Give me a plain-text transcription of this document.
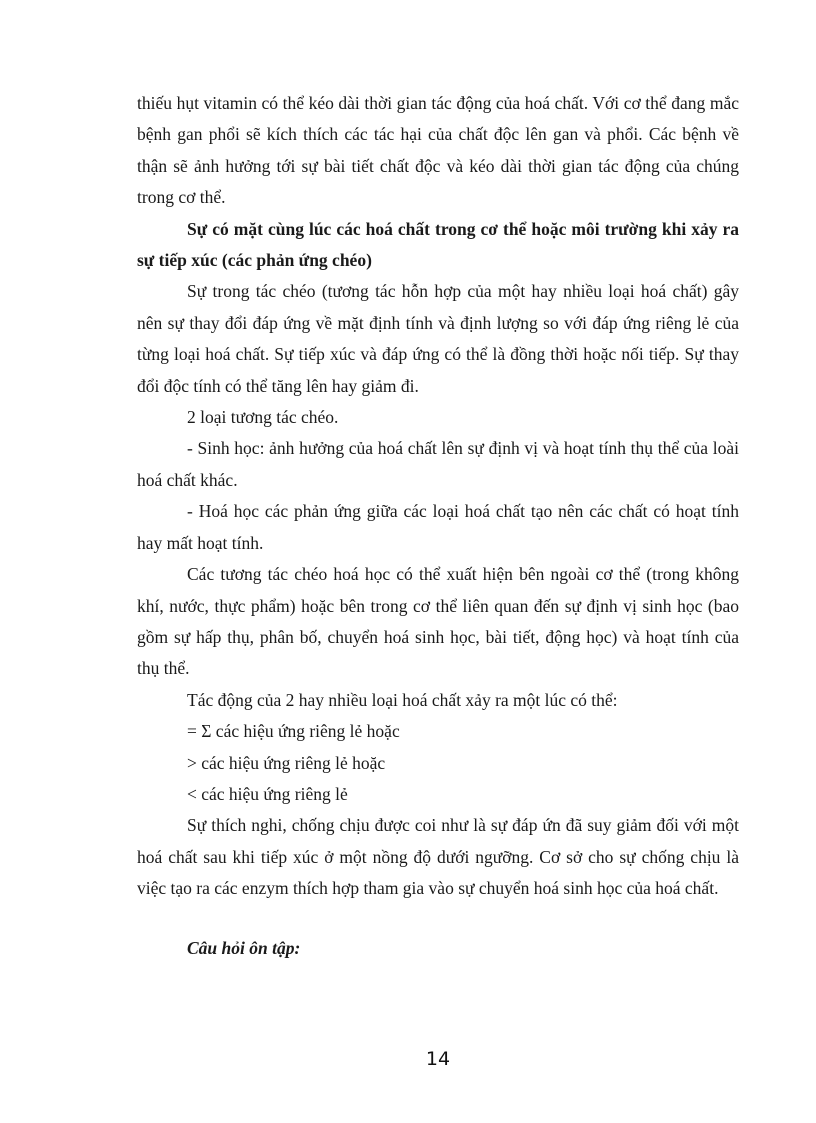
thiếu hụt vitamin có thể kéo dài thời gian tác động của hoá chất. Với cơ thể đang mắc bệnh gan phổi sẽ kích thích các tác hại của chất độc lên gan và phổi. Các bệnh về thận sẽ ảnh hưởng tới sự bài tiết chất độc và kéo dài thời gian tác động của chúng trong cơ thể.

Sự có mặt cùng lúc các hoá chất trong cơ thể hoặc môi trường khi xảy ra sự tiếp xúc (các phản ứng chéo)

Sự trong tác chéo (tương tác hỗn hợp của một hay nhiều loại hoá chất) gây nên sự thay đổi đáp ứng về mặt định tính và định lượng so với đáp ứng riêng lẻ của từng loại hoá chất. Sự tiếp xúc và đáp ứng có thể là đồng thời hoặc nối tiếp. Sự thay đổi độc tính có thể tăng lên hay giảm đi.

2 loại tương tác chéo.

- Sinh học: ảnh hưởng của hoá chất lên sự định vị và hoạt tính thụ thể của loài hoá chất khác.

- Hoá học các phản ứng giữa các loại hoá chất tạo nên các chất có hoạt tính hay mất hoạt tính.

Các tương tác chéo hoá học có thể xuất hiện bên ngoài cơ thể (trong không khí, nước, thực phẩm) hoặc bên trong cơ thể liên quan đến sự định vị sinh học (bao gồm sự hấp thụ, phân bố, chuyển hoá sinh học, bài tiết, động học) và hoạt tính của thụ thể.

Tác động của 2 hay nhiều loại hoá chất xảy ra một lúc có thể:

= Σ các hiệu ứng riêng lẻ hoặc

> các hiệu ứng riêng lẻ hoặc

< các hiệu ứng riêng lẻ

Sự thích nghi, chống chịu được coi như là sự đáp ứn đã suy giảm đối với một hoá chất sau khi tiếp xúc ở một nồng độ dưới ngưỡng. Cơ sở cho sự chống chịu là việc tạo ra các enzym thích hợp tham gia vào sự chuyển hoá sinh học của hoá chất.

Câu hỏi ôn tập:

14
